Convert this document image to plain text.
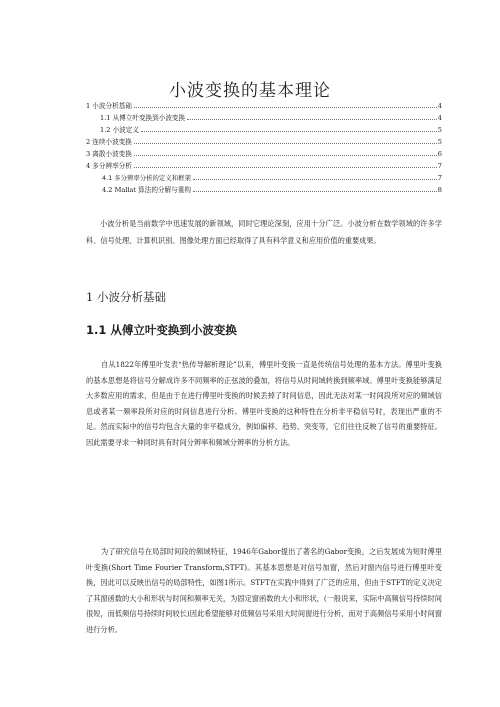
小波变换的基本理论
1 小波分析基础	4
1.1 从傅立叶变换到小波变换	4
1.2 小波定义	5
2 连续小波变换	5
3 离散小波变换	6
4 多分辨率分析	7
4.1 多分辨率分析的定义和框架	7
4.2 Mallat 算法的分解与重构	8

小波分析是当前数学中迅速发展的新领域，同时它理论深刻，应用十分广泛。小波分析在数学领域的许多学科、信号处理、计算机识别、图像处理方面已经取得了具有科学意义和应用价值的重要成果。

1 小波分析基础
1.1 从傅立叶变换到小波变换

自从1822年傅里叶发表“热传导解析理论”以来，傅里叶变换一直是传统信号处理的基本方法。傅里叶变换的基本思想是将信号分解成许多不同频率的正弦波的叠加，将信号从时间域转换到频率域。傅里叶变换能够满足大多数应用的需求，但是由于在进行傅里叶变换的时候丢掉了时间信息，因此无法对某一时间段所对应的频域信息或者某一频率段所对应的时间信息进行分析。傅里叶变换的这种特性在分析非平稳信号时，表现出严重的不足。然而实际中的信号均包含大量的非平稳成分，例如偏移、趋势、突变等，它们往往反映了信号的重要特征。因此需要寻求一种同时具有时间分辨率和频域分辨率的分析方法。

为了研究信号在局部时间段的频域特征，1946年Gabor提出了著名的Gabor变换，之后发展成为短时傅里叶变换(Short Time Fourier Transform,STFT)。其基本思想是对信号加窗，然后对窗内信号进行傅里叶变换，因此可以反映出信号的局部特性，如图1所示。STFT在实践中得到了广泛的应用，但由于STFT的定义决定了其窗函数的大小和形状与时间和频率无关，为固定窗函数的大小和形状，(一般说来，实际中高频信号持续时间很短，而低频信号持续时间较长)因此希望能够对低频信号采用大时间窗进行分析，而对于高频信号采用小时间窗进行分析。
